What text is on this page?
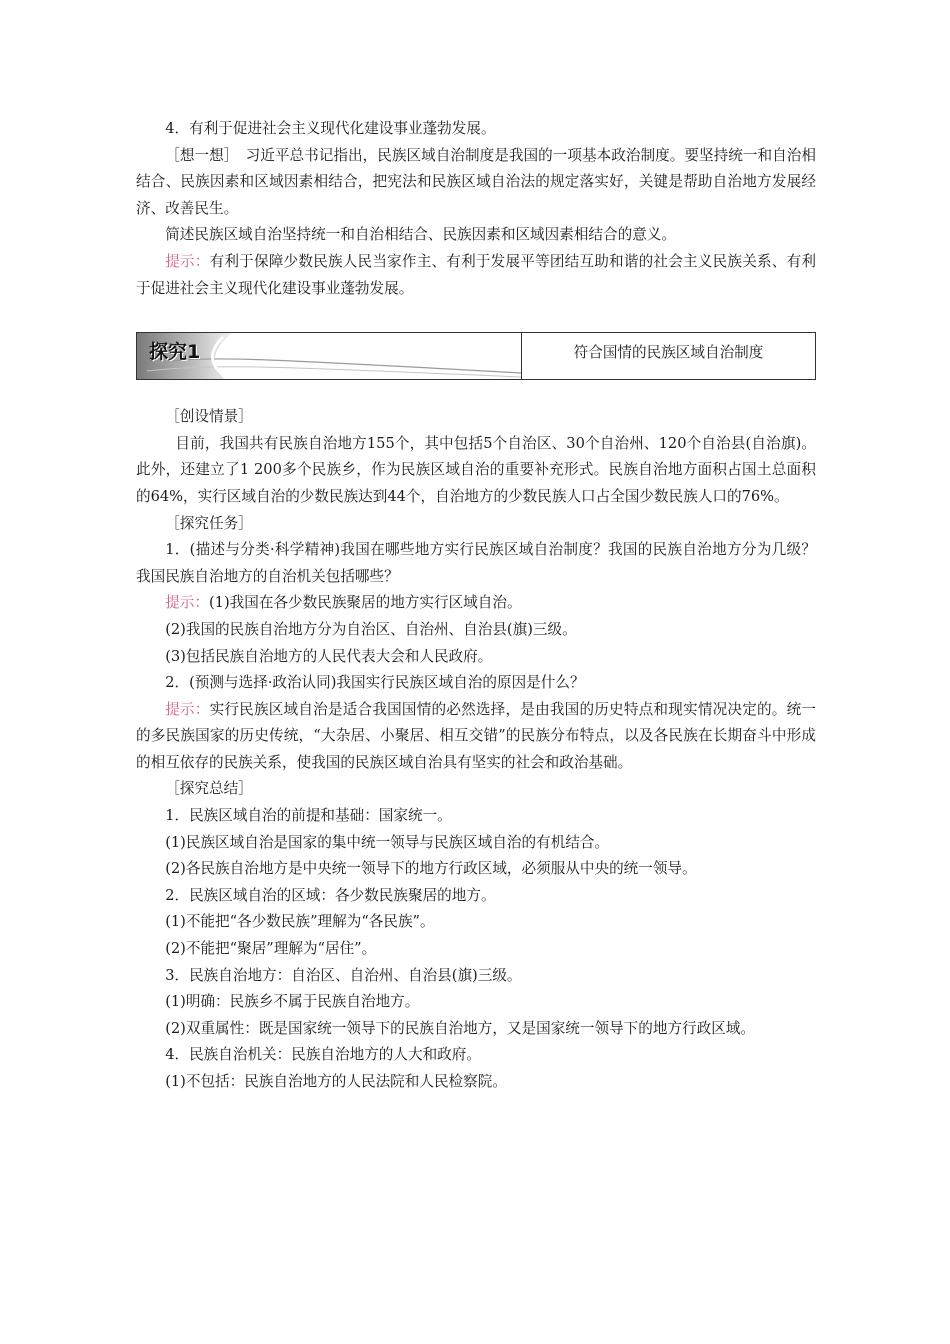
4．有利于促进社会主义现代化建设事业蓬勃发展。

［想一想］　习近平总书记指出，民族区域自治制度是我国的一项基本政治制度。要坚持统一和自治相结合、民族因素和区域因素相结合，把宪法和民族区域自治法的规定落实好，关键是帮助自治地方发展经济、改善民生。

简述民族区域自治坚持统一和自治相结合、民族因素和区域因素相结合的意义。

提示：有利于保障少数民族人民当家作主、有利于发展平等团结互助和谐的社会主义民族关系、有利于促进社会主义现代化建设事业蓬勃发展。

探究1	符合国情的民族区域自治制度

［创设情景］

目前，我国共有民族自治地方155个，其中包括5个自治区、30个自治州、120个自治县(自治旗)。此外，还建立了1 200多个民族乡，作为民族区域自治的重要补充形式。民族自治地方面积占国土总面积的64%，实行区域自治的少数民族达到44个，自治地方的少数民族人口占全国少数民族人口的76%。

［探究任务］

1．(描述与分类·科学精神)我国在哪些地方实行民族区域自治制度？我国的民族自治地方分为几级？我国民族自治地方的自治机关包括哪些？

提示：(1)我国在各少数民族聚居的地方实行区域自治。

(2)我国的民族自治地方分为自治区、自治州、自治县(旗)三级。

(3)包括民族自治地方的人民代表大会和人民政府。

2．(预测与选择·政治认同)我国实行民族区域自治的原因是什么？

提示：实行民族区域自治是适合我国国情的必然选择，是由我国的历史特点和现实情况决定的。统一的多民族国家的历史传统，“大杂居、小聚居、相互交错”的民族分布特点，以及各民族在长期奋斗中形成的相互依存的民族关系，使我国的民族区域自治具有坚实的社会和政治基础。

［探究总结］

1．民族区域自治的前提和基础：国家统一。

(1)民族区域自治是国家的集中统一领导与民族区域自治的有机结合。

(2)各民族自治地方是中央统一领导下的地方行政区域，必须服从中央的统一领导。

2．民族区域自治的区域：各少数民族聚居的地方。

(1)不能把“各少数民族”理解为“各民族”。

(2)不能把“聚居”理解为“居住”。

3．民族自治地方：自治区、自治州、自治县(旗)三级。

(1)明确：民族乡不属于民族自治地方。

(2)双重属性：既是国家统一领导下的民族自治地方，又是国家统一领导下的地方行政区域。

4．民族自治机关：民族自治地方的人大和政府。

(1)不包括：民族自治地方的人民法院和人民检察院。
